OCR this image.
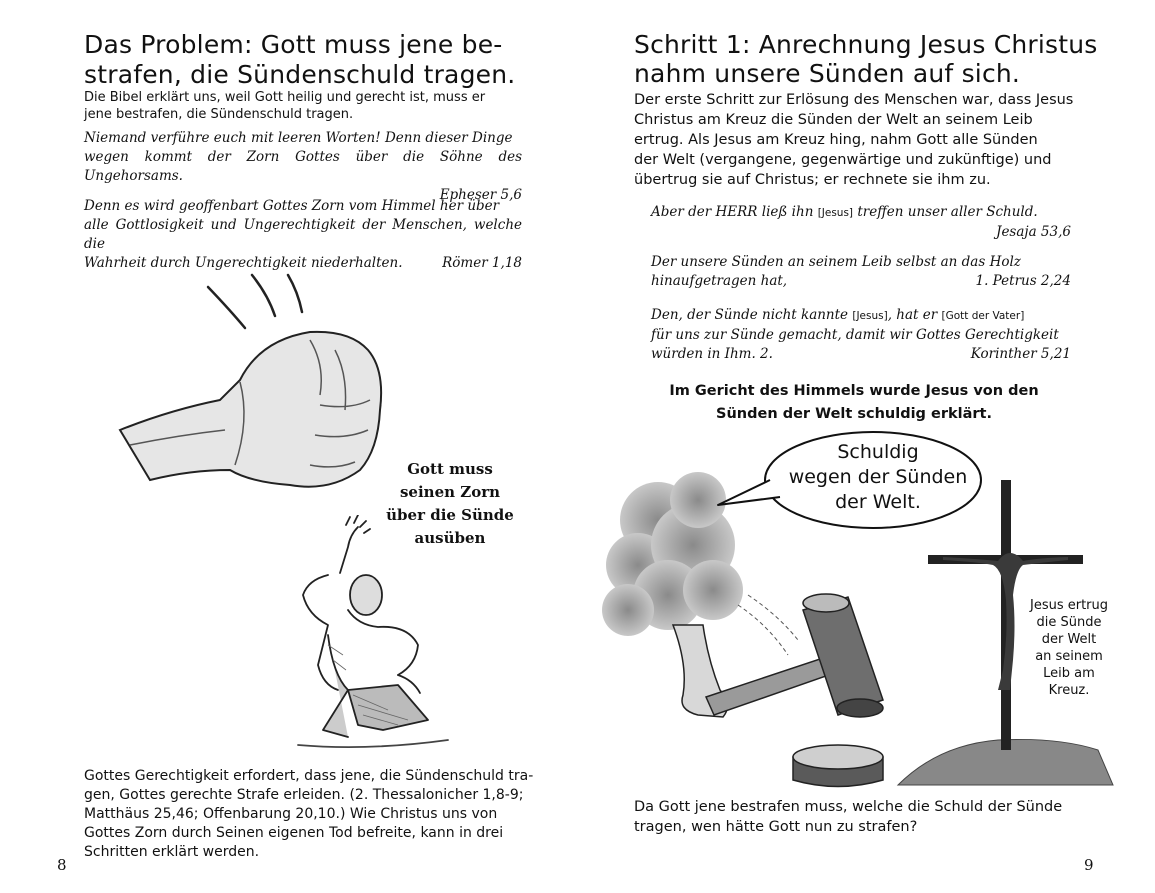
Das Problem: Gott muss jene be-
strafen, die Sündenschuld tragen.
Die Bibel erklärt uns, weil Gott heilig und gerecht ist, muss er
jene bestrafen, die Sündenschuld tragen.
Niemand verführe euch mit leeren Worten! Denn dieser Dinge
wegen kommt der Zorn Gottes über die Söhne des Ungehorsams.
Epheser 5,6
Denn es wird geoffenbart Gottes Zorn vom Himmel her über
alle Gottlosigkeit und Ungerechtigkeit der Menschen, welche die
Wahrheit durch Ungerechtigkeit niederhalten.	Römer 1,18
Gott muss
seinen Zorn
über die Sünde
ausüben
Gottes Gerechtigkeit erfordert, dass jene, die Sündenschuld tra-
gen, Gottes gerechte Strafe erleiden. (2. Thessalonicher 1,8-9;
Matthäus 25,46; Offenbarung 20,10.) Wie Christus uns von
Gottes Zorn durch Seinen eigenen Tod befreite, kann in drei
Schritten erklärt werden.
8
Schritt 1: Anrechnung Jesus Christus
nahm unsere Sünden auf sich.
Der erste Schritt zur Erlösung des Menschen war, dass Jesus
Christus am Kreuz die Sünden der Welt an seinem Leib
ertrug. Als Jesus am Kreuz hing, nahm Gott alle Sünden
der Welt (vergangene, gegenwärtige und zukünftige) und
übertrug sie auf Christus; er rechnete sie ihm zu.
Aber der HERR ließ ihn [Jesus] treffen unser aller Schuld.
Jesaja 53,6
Der unsere Sünden an seinem Leib selbst an das Holz
hinaufgetragen hat,	1. Petrus 2,24
Den, der Sünde nicht kannte [Jesus], hat er [Gott der Vater]
für uns zur Sünde gemacht, damit wir Gottes Gerechtigkeit
würden in Ihm. 2.	Korinther 5,21
Im Gericht des Himmels wurde Jesus von den
Sünden der Welt schuldig erklärt.
Schuldig
wegen der Sünden
der Welt.
Jesus ertrug
die Sünde
der Welt
an seinem
Leib am
Kreuz.
Da Gott jene bestrafen muss, welche die Schuld der Sünde
tragen, wen hätte Gott nun zu strafen?
9
